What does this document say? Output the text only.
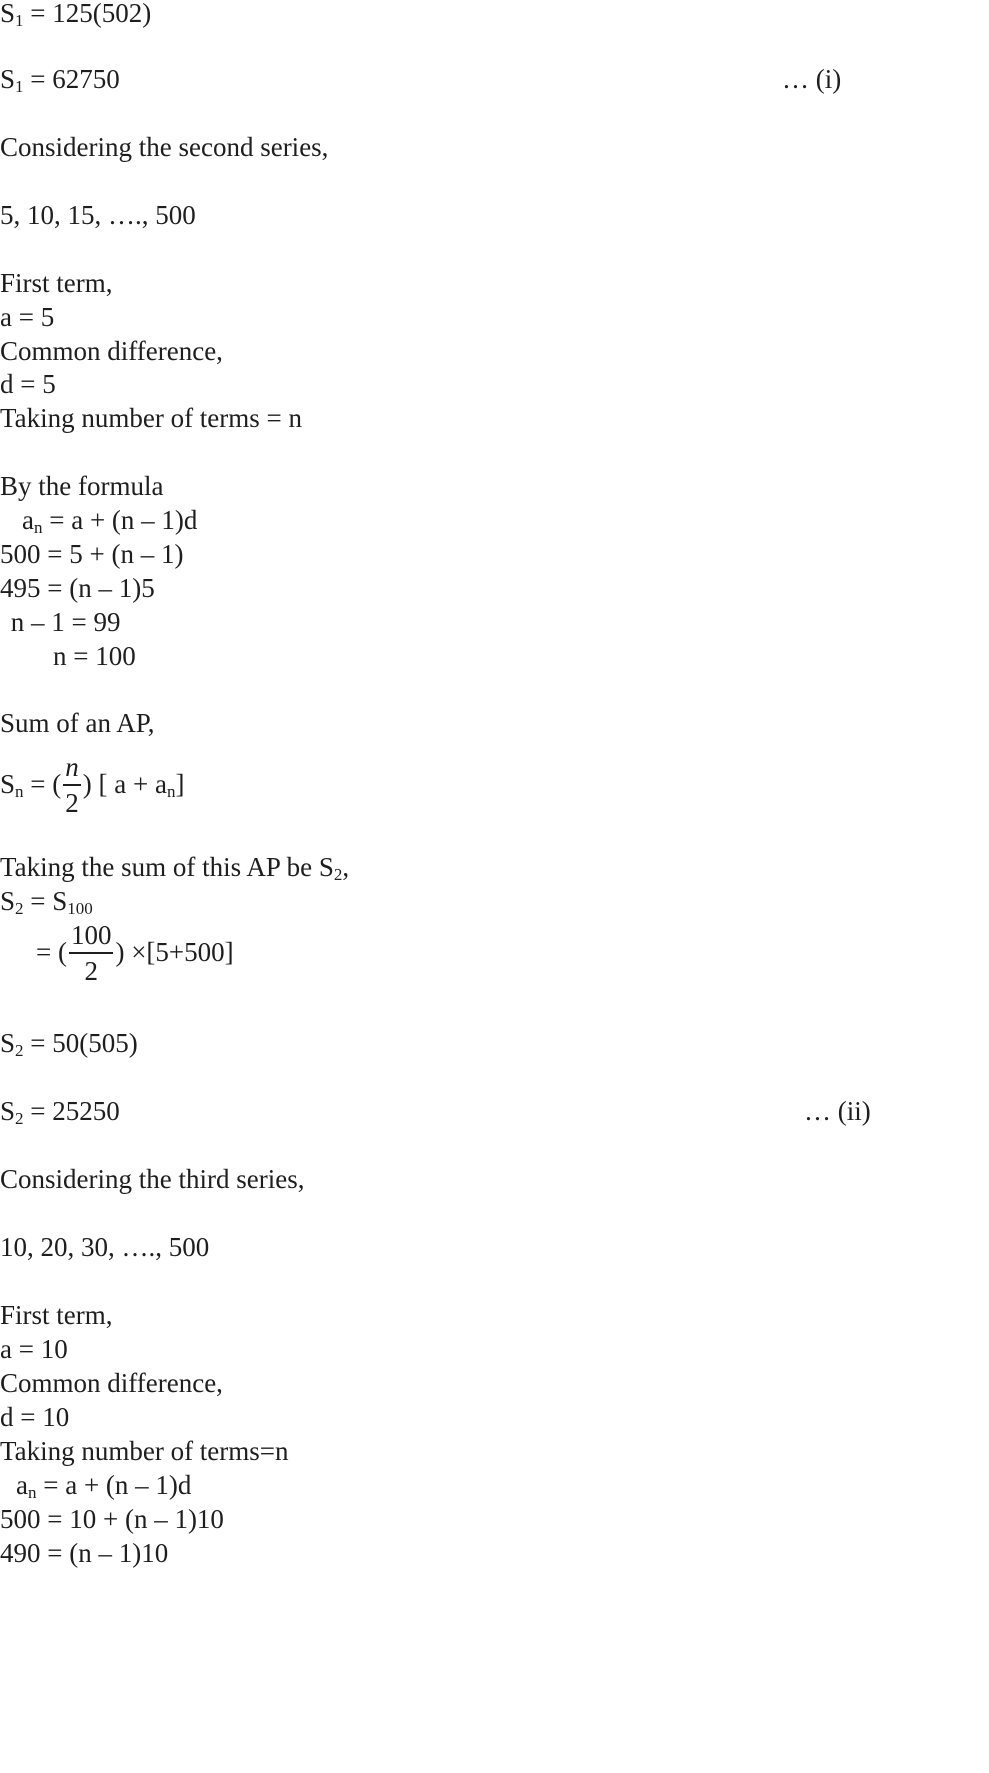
$S_1 = 125(502)$
$S_1 = 62750$	… (i)
Considering the second series,
5, 10, 15, …., 500
First term,
a = 5
Common difference,
d = 5
Taking number of terms = n
By the formula
$a_n = a + (n - 1)d$
500 = 5 + (n – 1)
495 = (n – 1)5
n – 1 = 99
n = 100
Sum of an AP,
$S_n$ = ( $\frac{n}{2}$ ) [ $a + a_n$]
Taking the sum of this AP be $S_2$,
$S_2 = S_{100}$
= ( $\frac{100}{2}$ ) ×[5+500]
$S_2 = 50(505)$
$S_2 = 25250$	… (ii)
Considering the third series,
10, 20, 30, …., 500
First term,
a = 10
Common difference,
d = 10
Taking number of terms=n
$a_n = a + (n - 1)d$
500 = 10 + (n – 1)10
490 = (n – 1)10
